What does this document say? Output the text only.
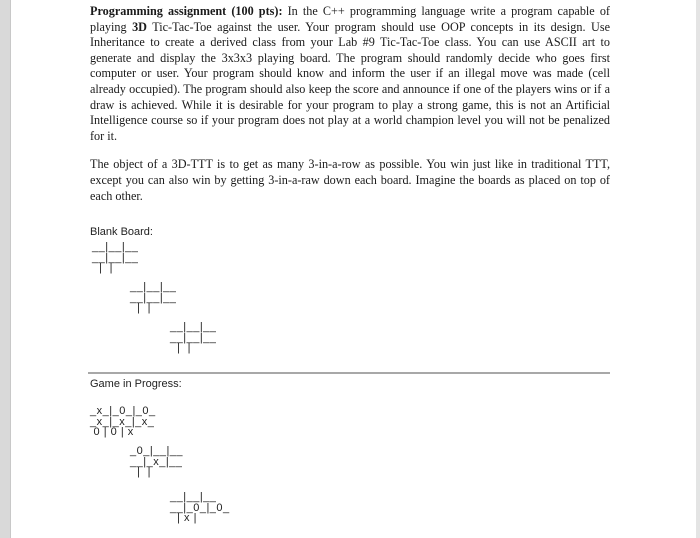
Programming assignment (100 pts): In the C++ programming language write a program capable of playing 3D Tic-Tac-Toe against the user. Your program should use OOP concepts in its design. Use Inheritance to create a derived class from your Lab #9 Tic-Tac-Toe class. You can use ASCII art to generate and display the 3x3x3 playing board. The program should randomly decide who goes first computer or user. Your program should know and inform the user if an illegal move was made (cell already occupied). The program should also keep the score and announce if one of the players wins or if a draw is achieved. While it is desirable for your program to play a strong game, this is not an Artificial Intelligence course so if your program does not play at a world champion level you will not be penalized for it.

The object of a 3D-TTT is to get as many 3-in-a-row as possible. You win just like in traditional TTT, except you can also win by getting 3-in-a-raw down each board. Imagine the boards as placed on top of each other.

Blank Board:
__|__|__
__|__|__
|  |
__|__|__
__|__|__
|  |
__|__|__
__|__|__
|  |
Game in Progress:
_x_|_0_|_0_
_x_|_x_|_x_
0 | 0 | x
_0_|__|__
__|_x_|__
|  |
__|__|__
__|_0_|_0_
| x |
